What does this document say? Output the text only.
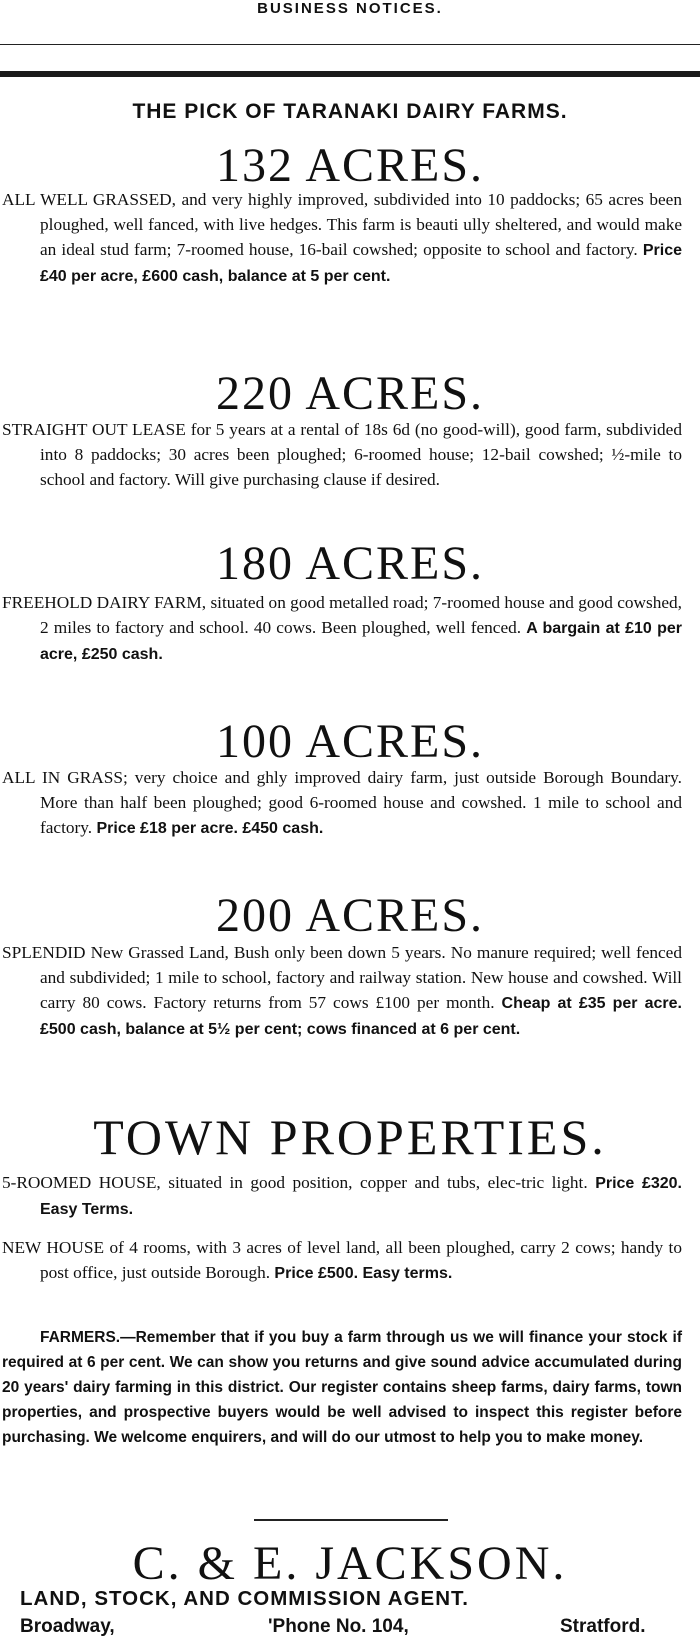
BUSINESS NOTICES.
THE PICK OF TARANAKI DAIRY FARMS.
132 ACRES.
ALL WELL GRASSED, and very highly improved, subdivided into 10 paddocks; 65 acres been ploughed, well fanced, with live hedges. This farm is beauti ully sheltered, and would make an ideal stud farm; 7-roomed house, 16-bail cowshed; opposite to school and factory. Price £40 per acre, £600 cash, balance at 5 per cent.
220 ACRES.
STRAIGHT OUT LEASE for 5 years at a rental of 18s 6d (no good-will), good farm, subdivided into 8 paddocks; 30 acres been ploughed; 6-roomed house; 12-bail cowshed; ½-mile to school and factory. Will give purchasing clause if desired.
180 ACRES.
FREEHOLD DAIRY FARM, situated on good metalled road; 7-roomed house and good cowshed, 2 miles to factory and school. 40 cows. Been ploughed, well fenced. A bargain at £10 per acre, £250 cash.
100 ACRES.
ALL IN GRASS; very choice and ghly improved dairy farm, just outside Borough Boundary. More than half been ploughed; good 6-roomed house and cowshed. 1 mile to school and factory. Price £18 per acre. £450 cash.
200 ACRES.
SPLENDID New Grassed Land, Bush only been down 5 years. No manure required; well fenced and subdivided; 1 mile to school, factory and railway station. New house and cowshed. Will carry 80 cows. Factory returns from 57 cows £100 per month. Cheap at £35 per acre. £500 cash, balance at 5½ per cent; cows financed at 6 per cent.
TOWN PROPERTIES.
5-ROOMED HOUSE, situated in good position, copper and tubs, elec-tric light. Price £320. Easy Terms.
NEW HOUSE of 4 rooms, with 3 acres of level land, all been ploughed, carry 2 cows; handy to post office, just outside Borough. Price £500. Easy terms.
FARMERS.—Remember that if you buy a farm through us we will finance your stock if required at 6 per cent. We can show you returns and give sound advice accumulated during 20 years' dairy farming in this district. Our register contains sheep farms, dairy farms, town properties, and prospective buyers would be well advised to inspect this register before purchasing. We welcome enquirers, and will do our utmost to help you to make money.
C. & E. JACKSON.
LAND, STOCK, AND COMMISSION AGENT.
Broadway,	'Phone No. 104,	Stratford.
